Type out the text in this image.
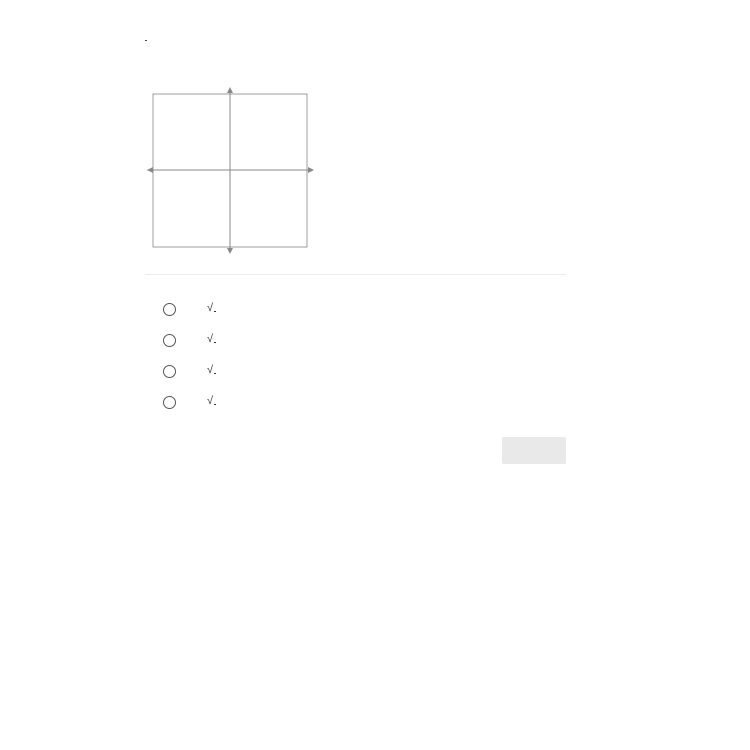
√
√
√
√
